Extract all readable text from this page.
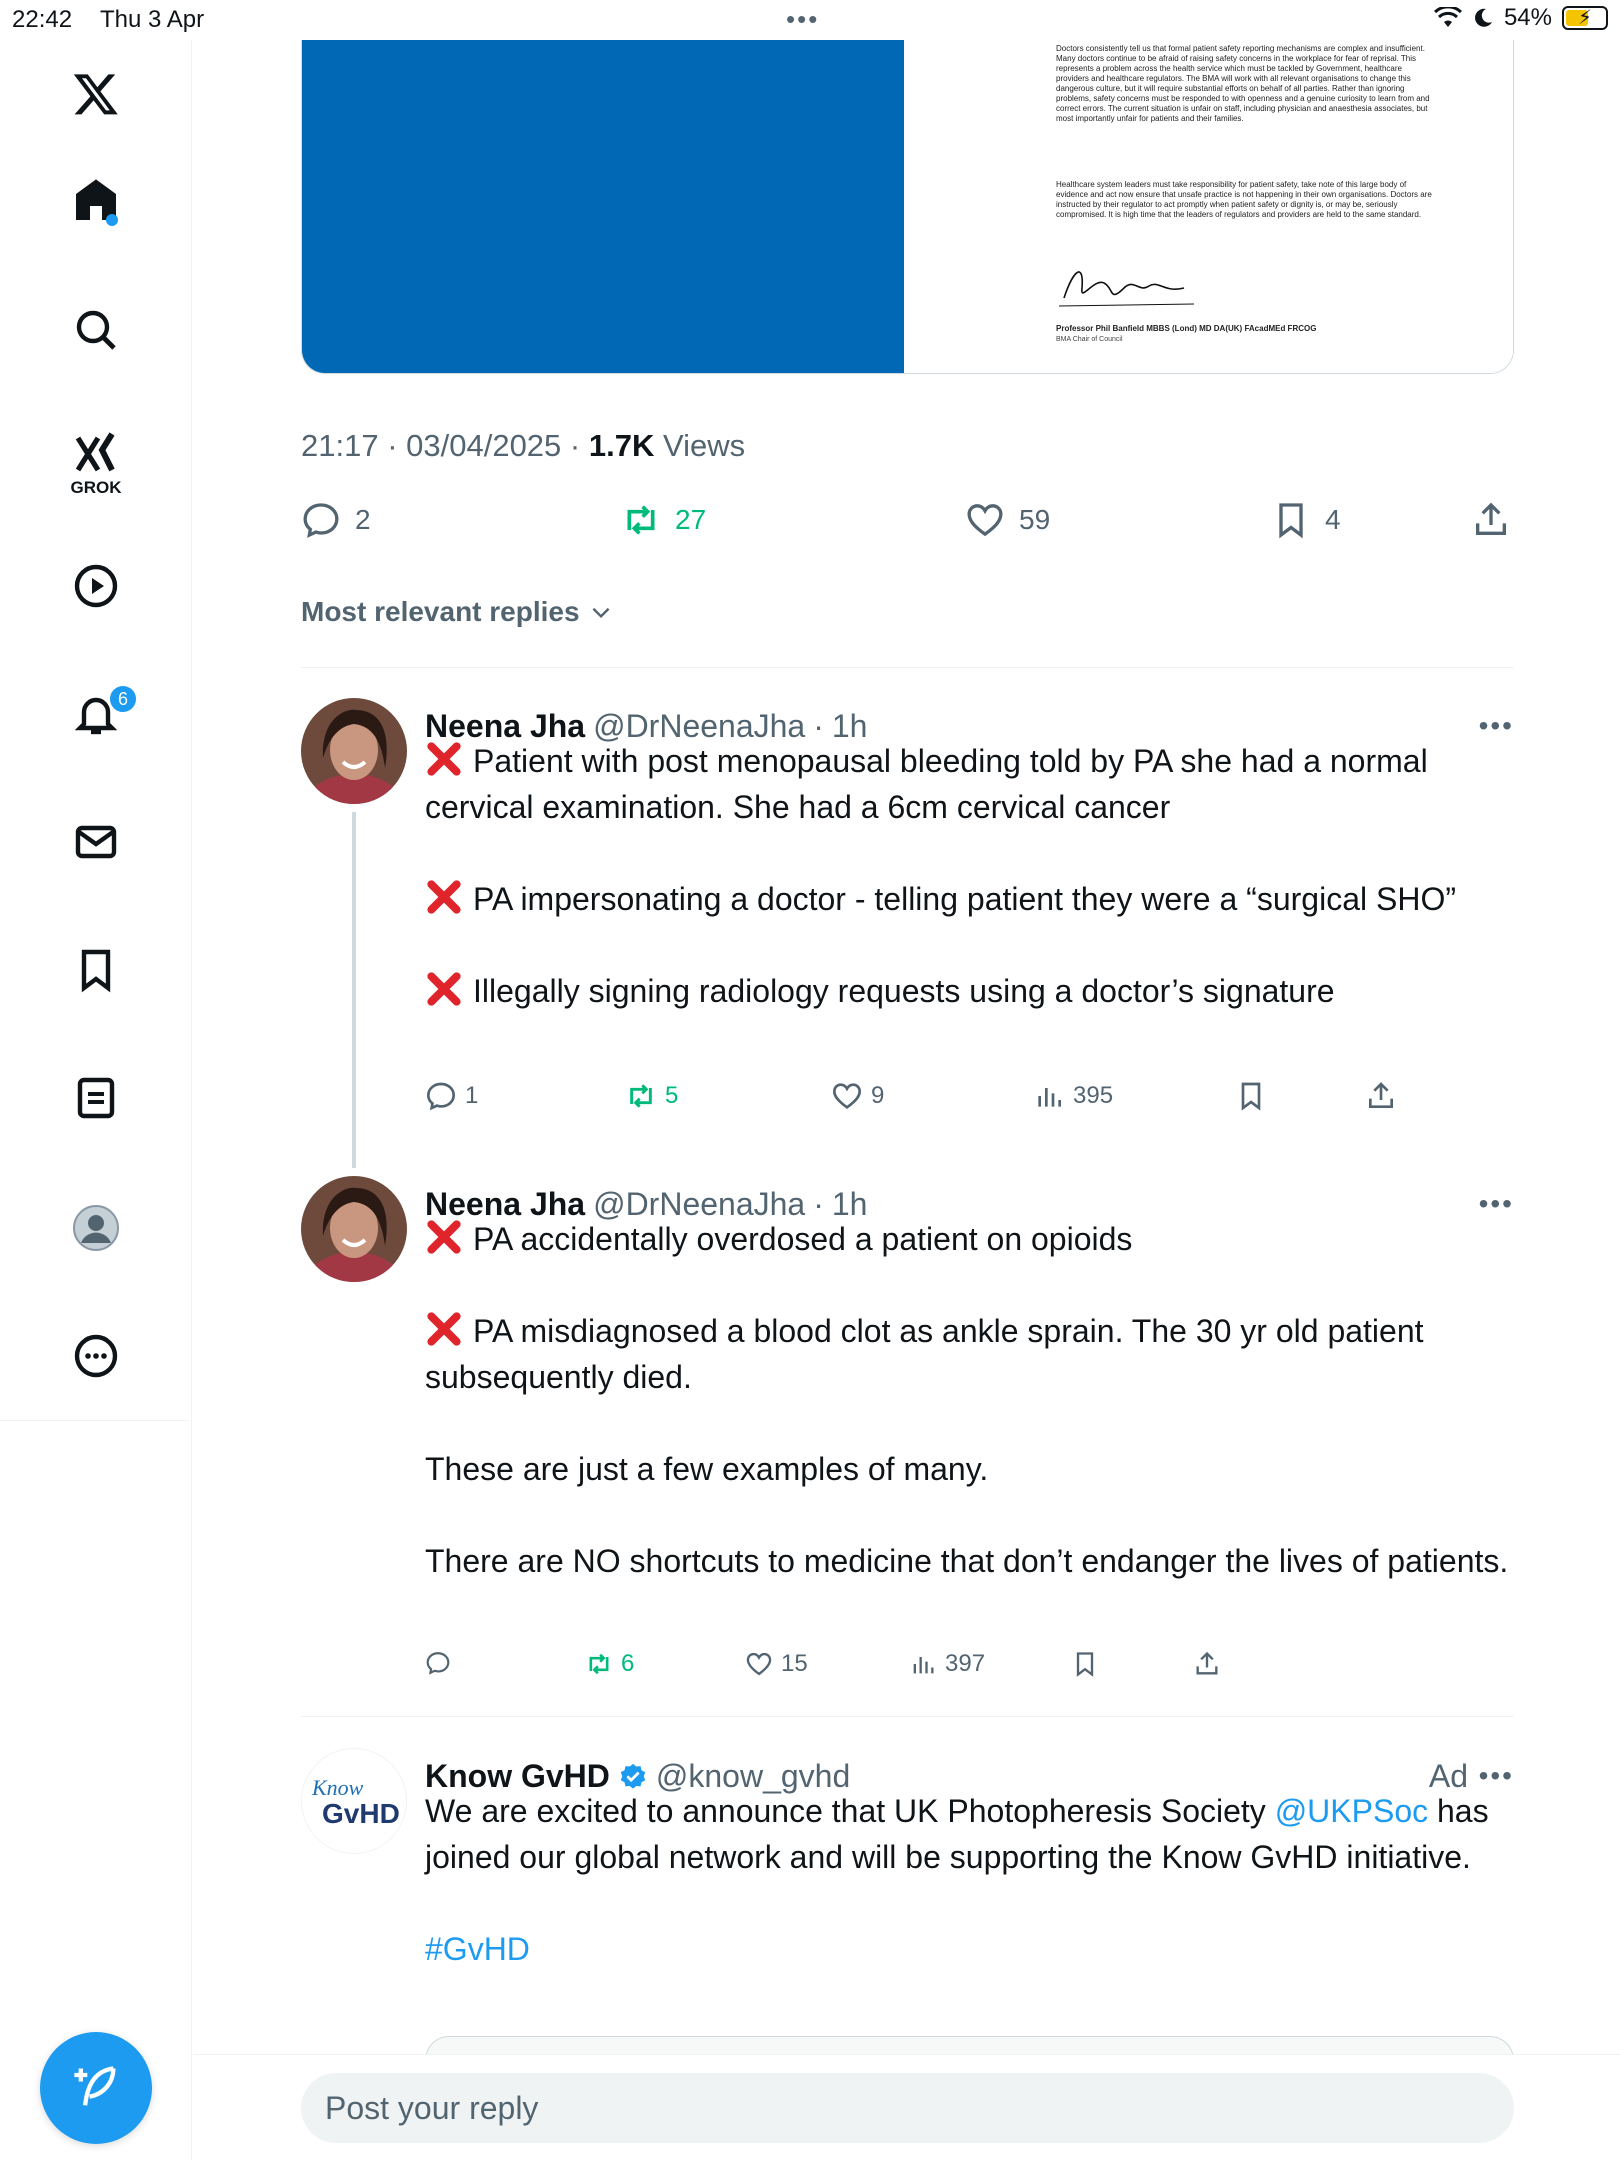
22:42 Thu 3 Apr	•••	54% ⚡
GROK
6
Doctors consistently tell us that formal patient safety reporting mechanisms are complex and insufficient. Many doctors continue to be afraid of raising safety concerns in the workplace for fear of reprisal. This represents a problem across the health service which must be tackled by Government, healthcare providers and healthcare regulators. The BMA will work with all relevant organisations to change this dangerous culture, but it will require substantial efforts on behalf of all parties. Rather than ignoring problems, safety concerns must be responded to with openness and a genuine curiosity to learn from and correct errors. The current situation is unfair on staff, including physician and anaesthesia associates, but most importantly unfair for patients and their families.
Healthcare system leaders must take responsibility for patient safety, take note of this large body of evidence and act now ensure that unsafe practice is not happening in their own organisations. Doctors are instructed by their regulator to act promptly when patient safety or dignity is, or may be, seriously compromised. It is high time that the leaders of regulators and providers are held to the same standard.
Professor Phil Banfield MBBS (Lond) MD DA(UK) FAcadMEd FRCOG
BMA Chair of Council
21:17 · 03/04/2025 · 1.7K Views
2	27	59	4
Most relevant replies
Neena Jha @DrNeenaJha · 1h	•••

Patient with post menopausal bleeding told by PA she had a normal cervical examination. She had a 6cm cervical cancer

PA impersonating a doctor - telling patient they were a “surgical SHO”

Illegally signing radiology requests using a doctor’s signature

1	5	9	395
Neena Jha @DrNeenaJha · 1h	•••

PA accidentally overdosed a patient on opioids

PA misdiagnosed a blood clot as ankle sprain. The 30 yr old patient subsequently died.

These are just a few examples of many.

There are NO shortcuts to medicine that don’t endanger the lives of patients.

6	15	397
Know
GvHD
Know GvHD @know_gvhd	Ad •••

We are excited to announce that UK Photopheresis Society @UKPSoc has joined our global network and will be supporting the Know GvHD initiative.

#GvHD

Post your reply
